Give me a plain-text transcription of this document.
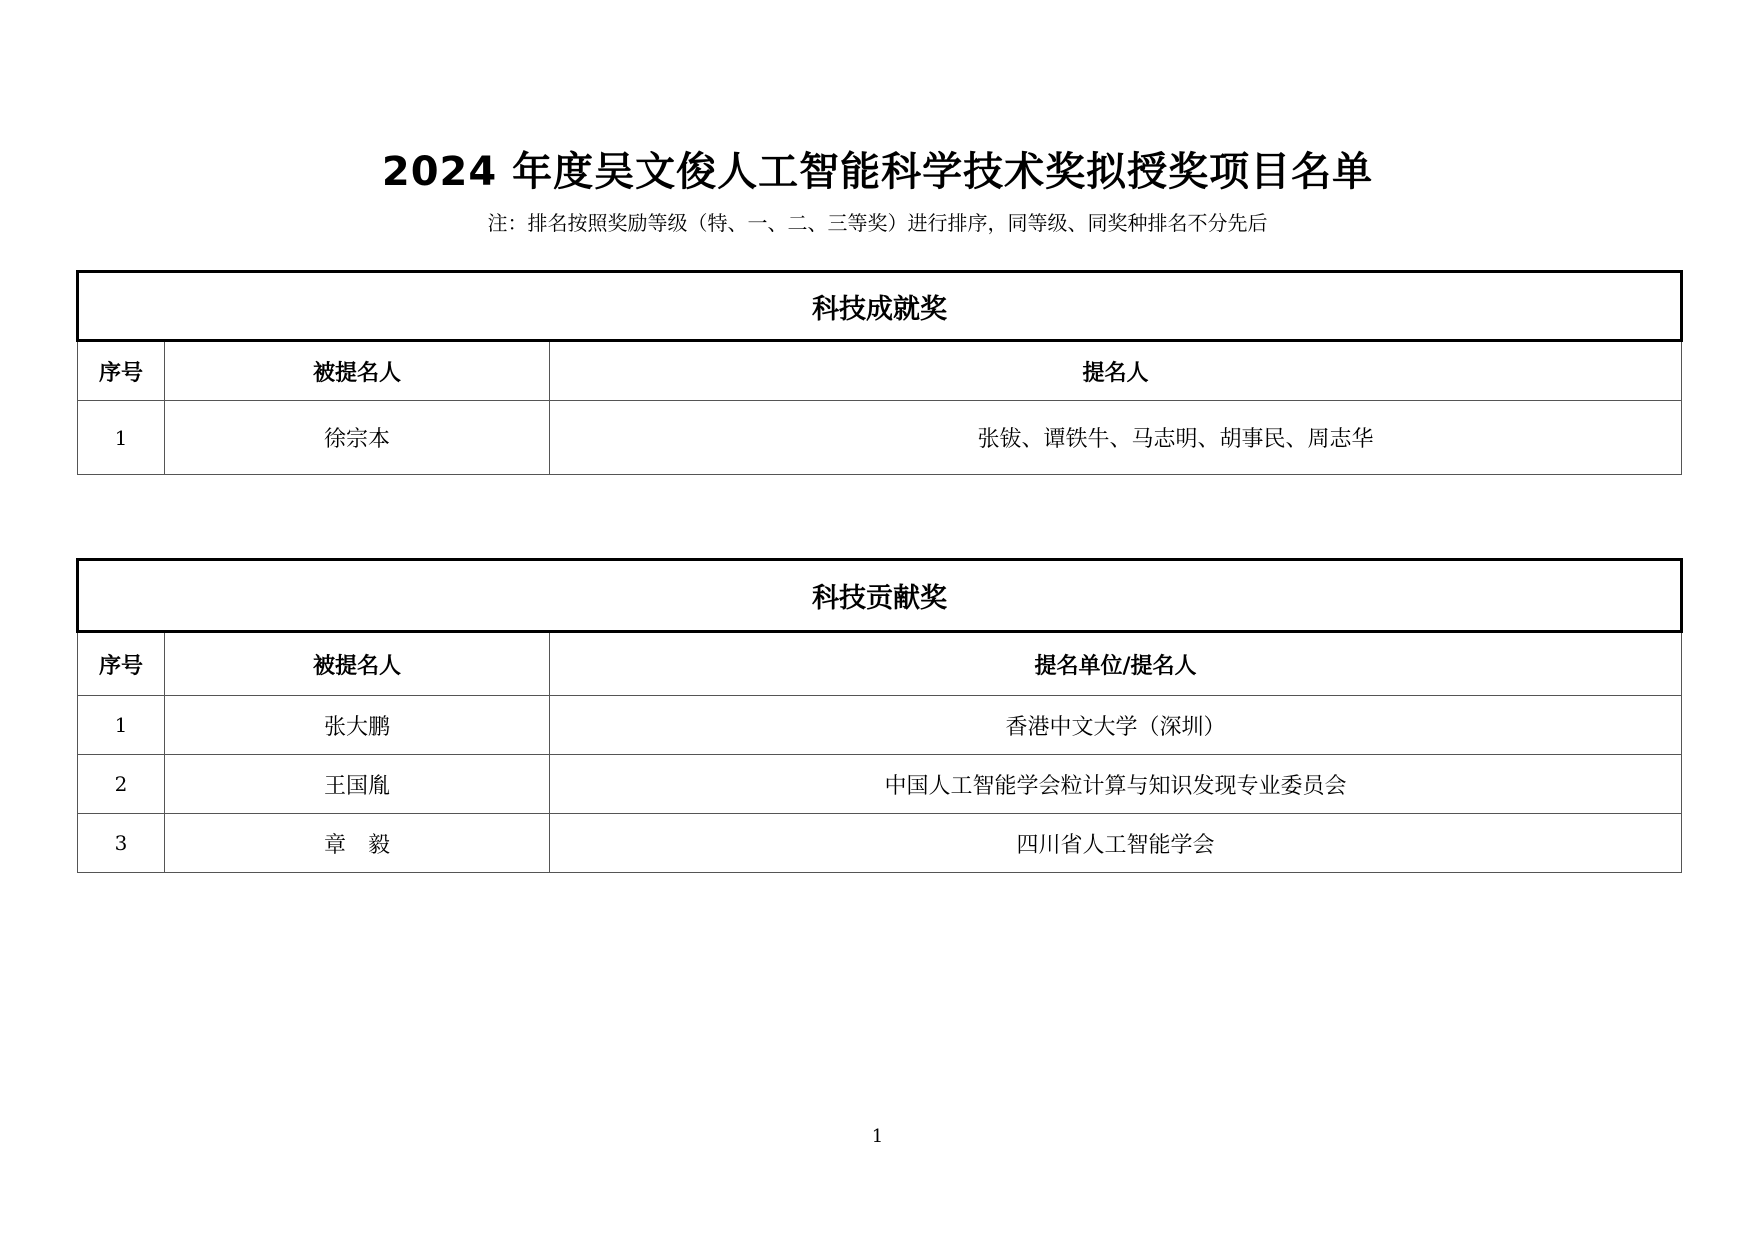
2024 年度吴文俊人工智能科学技术奖拟授奖项目名单
注：排名按照奖励等级（特、一、二、三等奖）进行排序，同等级、同奖种排名不分先后
科技成就奖		
序号	被提名人	提名人
1	徐宗本	张钹、谭铁牛、马志明、胡事民、周志华
科技贡献奖		
序号	被提名人	提名单位/提名人
1	张大鹏	香港中文大学（深圳）
2	王国胤	中国人工智能学会粒计算与知识发现专业委员会
3	章　毅	四川省人工智能学会
1
